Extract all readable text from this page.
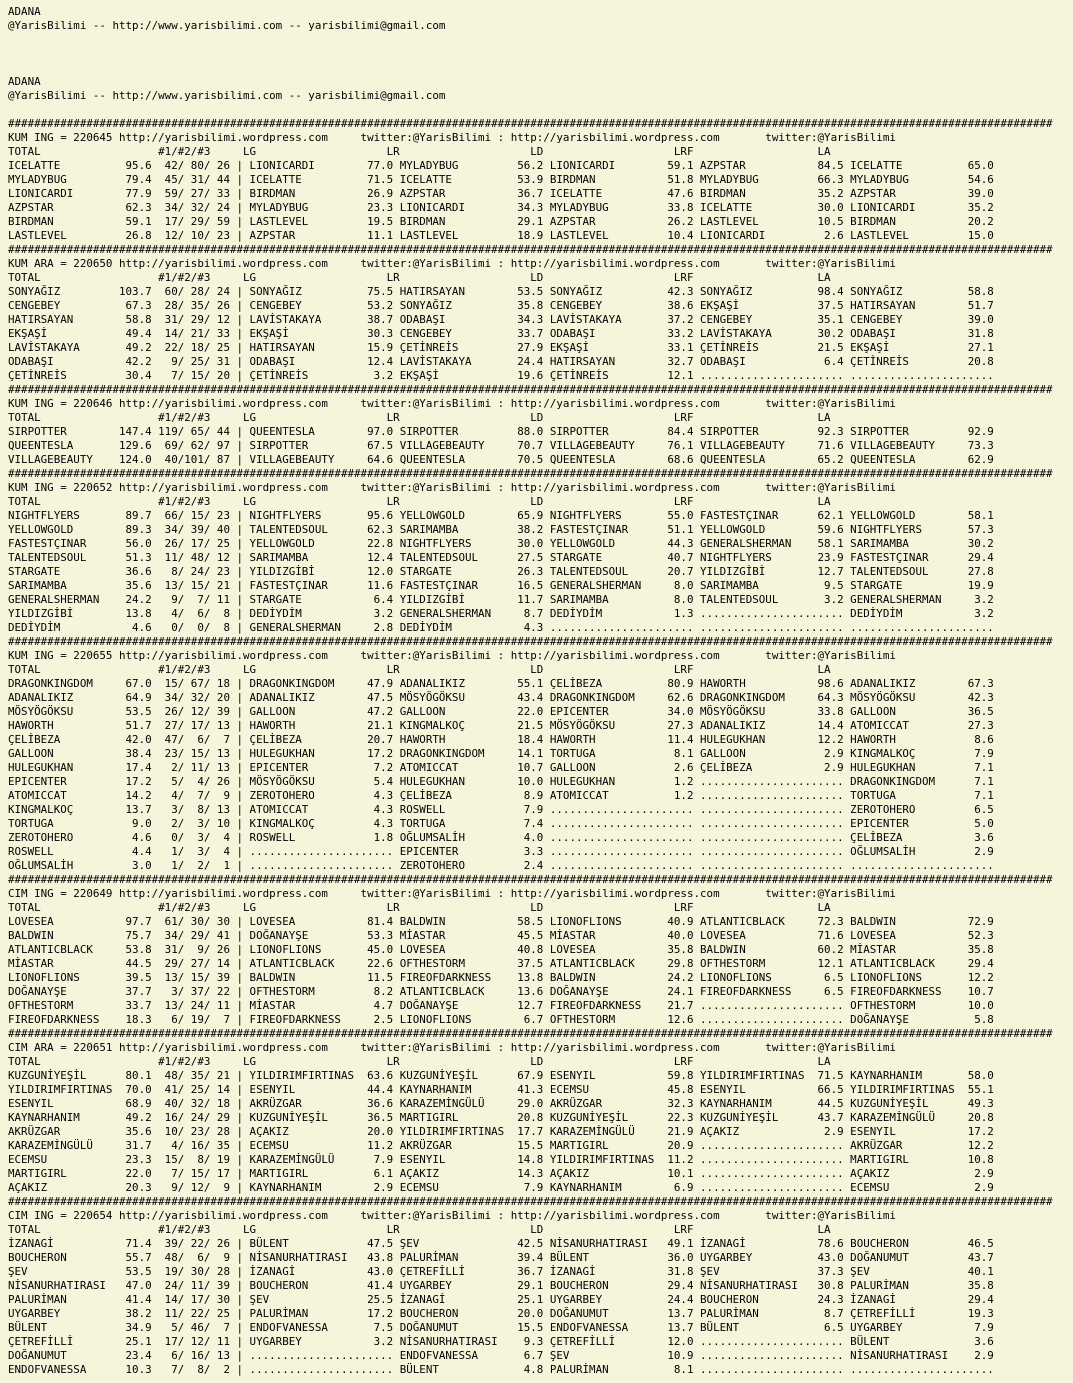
ADANA
@YarisBilimi -- http://www.yarisbilimi.com -- yarisbilimi@gmail.com
ADANA
@YarisBilimi -- http://www.yarisbilimi.com -- yarisbilimi@gmail.com
################################################################################################################################################################
KUM ING = 220645 http://yarisbilimi.wordpress.com     twitter:@YarisBilimi : http://yarisbilimi.wordpress.com       twitter:@YarisBilimi
TOTAL                  #1/#2/#3     LG                    LR                    LD                    LRF                   LA
ICELATTE          95.6  42/ 80/ 26 | LIONICARDI        77.0 MYLADYBUG         56.2 LIONICARDI        59.1 AZPSTAR           84.5 ICELATTE          65.0
MYLADYBUG         79.4  45/ 31/ 44 | ICELATTE          71.5 ICELATTE          53.9 BIRDMAN           51.8 MYLADYBUG         66.3 MYLADYBUG         54.6
LIONICARDI        77.9  59/ 27/ 33 | BIRDMAN           26.9 AZPSTAR           36.7 ICELATTE          47.6 BIRDMAN           35.2 AZPSTAR           39.0
AZPSTAR           62.3  34/ 32/ 24 | MYLADYBUG         23.3 LIONICARDI        34.3 MYLADYBUG         33.8 ICELATTE          30.0 LIONICARDI        35.2
BIRDMAN           59.1  17/ 29/ 59 | LASTLEVEL         19.5 BIRDMAN           29.1 AZPSTAR           26.2 LASTLEVEL         10.5 BIRDMAN           20.2
LASTLEVEL         26.8  12/ 10/ 23 | AZPSTAR           11.1 LASTLEVEL         18.9 LASTLEVEL         10.4 LIONICARDI         2.6 LASTLEVEL         15.0
################################################################################################################################################################
KUM ARA = 220650 http://yarisbilimi.wordpress.com     twitter:@YarisBilimi : http://yarisbilimi.wordpress.com       twitter:@YarisBilimi
TOTAL                  #1/#2/#3     LG                    LR                    LD                    LRF                   LA
SONYAĞIZ         103.7  60/ 28/ 24 | SONYAĞIZ          75.5 HATIRSAYAN        53.5 SONYAĞIZ          42.3 SONYAĞIZ          98.4 SONYAĞIZ          58.8
CENGEBEY          67.3  28/ 35/ 26 | CENGEBEY          53.2 SONYAĞIZ          35.8 CENGEBEY          38.6 EKŞAŞİ            37.5 HATIRSAYAN        51.7
HATIRSAYAN        58.8  31/ 29/ 12 | LAVİSTAKAYA       38.7 ODABAŞI           34.3 LAVİSTAKAYA       37.2 CENGEBEY          35.1 CENGEBEY          39.0
EKŞAŞİ            49.4  14/ 21/ 33 | EKŞAŞİ            30.3 CENGEBEY          33.7 ODABAŞI           33.2 LAVİSTAKAYA       30.2 ODABAŞI           31.8
LAVİSTAKAYA       49.2  22/ 18/ 25 | HATIRSAYAN        15.9 ÇETİNREİS         27.9 EKŞAŞİ            33.1 ÇETİNREİS         21.5 EKŞAŞİ            27.1
ODABAŞI           42.2   9/ 25/ 31 | ODABAŞI           12.4 LAVİSTAKAYA       24.4 HATIRSAYAN        32.7 ODABAŞI            6.4 ÇETİNREİS         20.8
ÇETİNREİS         30.4   7/ 15/ 20 | ÇETİNREİS          3.2 EKŞAŞİ            19.6 ÇETİNREİS         12.1 ...................... ......................
################################################################################################################################################################
KUM ING = 220646 http://yarisbilimi.wordpress.com     twitter:@YarisBilimi : http://yarisbilimi.wordpress.com       twitter:@YarisBilimi
TOTAL                  #1/#2/#3     LG                    LR                    LD                    LRF                   LA
SIRPOTTER        147.4 119/ 65/ 44 | QUEENTESLA        97.0 SIRPOTTER         88.0 SIRPOTTER         84.4 SIRPOTTER         92.3 SIRPOTTER         92.9
QUEENTESLA       129.6  69/ 62/ 97 | SIRPOTTER         67.5 VILLAGEBEAUTY     70.7 VILLAGEBEAUTY     76.1 VILLAGEBEAUTY     71.6 VILLAGEBEAUTY     73.3
VILLAGEBEAUTY    124.0  40/101/ 87 | VILLAGEBEAUTY     64.6 QUEENTESLA        70.5 QUEENTESLA        68.6 QUEENTESLA        65.2 QUEENTESLA        62.9
################################################################################################################################################################
KUM ING = 220652 http://yarisbilimi.wordpress.com     twitter:@YarisBilimi : http://yarisbilimi.wordpress.com       twitter:@YarisBilimi
TOTAL                  #1/#2/#3     LG                    LR                    LD                    LRF                   LA
NIGHTFLYERS       89.7  66/ 15/ 23 | NIGHTFLYERS       95.6 YELLOWGOLD        65.9 NIGHTFLYERS       55.0 FASTESTÇINAR      62.1 YELLOWGOLD        58.1
YELLOWGOLD        89.3  34/ 39/ 40 | TALENTEDSOUL      62.3 SARIMAMBA         38.2 FASTESTÇINAR      51.1 YELLOWGOLD        59.6 NIGHTFLYERS       57.3
FASTESTÇINAR      56.0  26/ 17/ 25 | YELLOWGOLD        22.8 NIGHTFLYERS       30.0 YELLOWGOLD        44.3 GENERALSHERMAN    58.1 SARIMAMBA         30.2
TALENTEDSOUL      51.3  11/ 48/ 12 | SARIMAMBA         12.4 TALENTEDSOUL      27.5 STARGATE          40.7 NIGHTFLYERS       23.9 FASTESTÇINAR      29.4
STARGATE          36.6   8/ 24/ 23 | YILDIZGİBİ        12.0 STARGATE          26.3 TALENTEDSOUL      20.7 YILDIZGİBİ        12.7 TALENTEDSOUL      27.8
SARIMAMBA         35.6  13/ 15/ 21 | FASTESTÇINAR      11.6 FASTESTÇINAR      16.5 GENERALSHERMAN     8.0 SARIMAMBA          9.5 STARGATE          19.9
GENERALSHERMAN    24.2   9/  7/ 11 | STARGATE           6.4 YILDIZGİBİ        11.7 SARIMAMBA          8.0 TALENTEDSOUL       3.2 GENERALSHERMAN     3.2
YILDIZGİBİ        13.8   4/  6/  8 | DEDİYDİM           3.2 GENERALSHERMAN     8.7 DEDİYDİM           1.3 ...................... DEDİYDİM           3.2
DEDİYDİM           4.6   0/  0/  8 | GENERALSHERMAN     2.8 DEDİYDİM           4.3 ...................... ...................... ......................
################################################################################################################################################################
KUM ING = 220655 http://yarisbilimi.wordpress.com     twitter:@YarisBilimi : http://yarisbilimi.wordpress.com       twitter:@YarisBilimi
TOTAL                  #1/#2/#3     LG                    LR                    LD                    LRF                   LA
DRAGONKINGDOM     67.0  15/ 67/ 18 | DRAGONKINGDOM     47.9 ADANALIKIZ        55.1 ÇELİBEZA          80.9 HAWORTH           98.6 ADANALIKIZ        67.3
ADANALIKIZ        64.9  34/ 32/ 20 | ADANALIKIZ        47.5 MÖSYÖGÖKSU        43.4 DRAGONKINGDOM     62.6 DRAGONKINGDOM     64.3 MÖSYÖGÖKSU        42.3
MÖSYÖGÖKSU        53.5  26/ 12/ 39 | GALLOON           47.2 GALLOON           22.0 EPICENTER         34.0 MÖSYÖGÖKSU        33.8 GALLOON           36.5
HAWORTH           51.7  27/ 17/ 13 | HAWORTH           21.1 KINGMALKOÇ        21.5 MÖSYÖGÖKSU        27.3 ADANALIKIZ        14.4 ATOMICCAT         27.3
ÇELİBEZA          42.0  47/  6/  7 | ÇELİBEZA          20.7 HAWORTH           18.4 HAWORTH           11.4 HULEGUKHAN        12.2 HAWORTH            8.6
GALLOON           38.4  23/ 15/ 13 | HULEGUKHAN        17.2 DRAGONKINGDOM     14.1 TORTUGA            8.1 GALLOON            2.9 KINGMALKOÇ         7.9
HULEGUKHAN        17.4   2/ 11/ 13 | EPICENTER          7.2 ATOMICCAT         10.7 GALLOON            2.6 ÇELİBEZA           2.9 HULEGUKHAN         7.1
EPICENTER         17.2   5/  4/ 26 | MÖSYÖGÖKSU         5.4 HULEGUKHAN        10.0 HULEGUKHAN         1.2 ...................... DRAGONKINGDOM      7.1
ATOMICCAT         14.2   4/  7/  9 | ZEROTOHERO         4.3 ÇELİBEZA           8.9 ATOMICCAT          1.2 ...................... TORTUGA            7.1
KINGMALKOÇ        13.7   3/  8/ 13 | ATOMICCAT          4.3 ROSWELL            7.9 ...................... ...................... ZEROTOHERO         6.5
TORTUGA            9.0   2/  3/ 10 | KINGMALKOÇ         4.3 TORTUGA            7.4 ...................... ...................... EPICENTER          5.0
ZEROTOHERO         4.6   0/  3/  4 | ROSWELL            1.8 OĞLUMSALİH         4.0 ...................... ...................... ÇELİBEZA           3.6
ROSWELL            4.4   1/  3/  4 | ...................... EPICENTER          3.3 ...................... ...................... OĞLUMSALİH         2.9
OĞLUMSALİH         3.0   1/  2/  1 | ...................... ZEROTOHERO         2.4 ...................... ...................... ......................
################################################################################################################################################################
CIM ING = 220649 http://yarisbilimi.wordpress.com     twitter:@YarisBilimi : http://yarisbilimi.wordpress.com       twitter:@YarisBilimi
TOTAL                  #1/#2/#3     LG                    LR                    LD                    LRF                   LA
LOVESEA           97.7  61/ 30/ 30 | LOVESEA           81.4 BALDWIN           58.5 LIONOFLIONS       40.9 ATLANTICBLACK     72.3 BALDWIN           72.9
BALDWIN           75.7  34/ 29/ 41 | DOĞANAYŞE         53.3 MİASTAR           45.5 MİASTAR           40.0 LOVESEA           71.6 LOVESEA           52.3
ATLANTICBLACK     53.8  31/  9/ 26 | LIONOFLIONS       45.0 LOVESEA           40.8 LOVESEA           35.8 BALDWIN           60.2 MİASTAR           35.8
MİASTAR           44.5  29/ 27/ 14 | ATLANTICBLACK     22.6 OFTHESTORM        37.5 ATLANTICBLACK     29.8 OFTHESTORM        12.1 ATLANTICBLACK     29.4
LIONOFLIONS       39.5  13/ 15/ 39 | BALDWIN           11.5 FIREOFDARKNESS    13.8 BALDWIN           24.2 LIONOFLIONS        6.5 LIONOFLIONS       12.2
DOĞANAYŞE         37.7   3/ 37/ 22 | OFTHESTORM         8.2 ATLANTICBLACK     13.6 DOĞANAYŞE         24.1 FIREOFDARKNESS     6.5 FIREOFDARKNESS    10.7
OFTHESTORM        33.7  13/ 24/ 11 | MİASTAR            4.7 DOĞANAYŞE         12.7 FIREOFDARKNESS    21.7 ...................... OFTHESTORM        10.0
FIREOFDARKNESS    18.3   6/ 19/  7 | FIREOFDARKNESS     2.5 LIONOFLIONS        6.7 OFTHESTORM        12.6 ...................... DOĞANAYŞE          5.8
################################################################################################################################################################
CIM ARA = 220651 http://yarisbilimi.wordpress.com     twitter:@YarisBilimi : http://yarisbilimi.wordpress.com       twitter:@YarisBilimi
TOTAL                  #1/#2/#3     LG                    LR                    LD                    LRF                   LA
KUZGUNİYEŞİL      80.1  48/ 35/ 21 | YILDIRIMFIRTINAS  63.6 KUZGUNİYEŞİL      67.9 ESENYIL           59.8 YILDIRIMFIRTINAS  71.5 KAYNARHANIM       58.0
YILDIRIMFIRTINAS  70.0  41/ 25/ 14 | ESENYIL           44.4 KAYNARHANIM       41.3 ECEMSU            45.8 ESENYIL           66.5 YILDIRIMFIRTINAS  55.1
ESENYIL           68.9  40/ 32/ 18 | AKRÜZGAR          36.6 KARAZEMİNGÜLÜ     29.0 AKRÜZGAR          32.3 KAYNARHANIM       44.5 KUZGUNİYEŞİL      49.3
KAYNARHANIM       49.2  16/ 24/ 29 | KUZGUNİYEŞİL      36.5 MARTIGIRL         20.8 KUZGUNİYEŞİL      22.3 KUZGUNİYEŞİL      43.7 KARAZEMİNGÜLÜ     20.8
AKRÜZGAR          35.6  10/ 23/ 28 | AÇAKIZ            20.0 YILDIRIMFIRTINAS  17.7 KARAZEMİNGÜLÜ     21.9 AÇAKIZ             2.9 ESENYIL           17.2
KARAZEMİNGÜLÜ     31.7   4/ 16/ 35 | ECEMSU            11.2 AKRÜZGAR          15.5 MARTIGIRL         20.9 ...................... AKRÜZGAR          12.2
ECEMSU            23.3  15/  8/ 19 | KARAZEMİNGÜLÜ      7.9 ESENYIL           14.8 YILDIRIMFIRTINAS  11.2 ...................... MARTIGIRL         10.8
MARTIGIRL         22.0   7/ 15/ 17 | MARTIGIRL          6.1 AÇAKIZ            14.3 AÇAKIZ            10.1 ...................... AÇAKIZ             2.9
AÇAKIZ            20.3   9/ 12/  9 | KAYNARHANIM        2.9 ECEMSU             7.9 KAYNARHANIM        6.9 ...................... ECEMSU             2.9
################################################################################################################################################################
CIM ING = 220654 http://yarisbilimi.wordpress.com     twitter:@YarisBilimi : http://yarisbilimi.wordpress.com       twitter:@YarisBilimi
TOTAL                  #1/#2/#3     LG                    LR                    LD                    LRF                   LA
İZANAGİ           71.4  39/ 22/ 26 | BÜLENT            47.5 ŞEV               42.5 NİSANURHATIRASI   49.1 İZANAGİ           78.6 BOUCHERON         46.5
BOUCHERON         55.7  48/  6/  9 | NİSANURHATIRASI   43.8 PALURİMAN         39.4 BÜLENT            36.0 UYGARBEY          43.0 DOĞANUMUT         43.7
ŞEV               53.5  19/ 30/ 28 | İZANAGİ           43.0 ÇETREFİLLİ        36.7 İZANAGİ           31.8 ŞEV               37.3 ŞEV               40.1
NİSANURHATIRASI   47.0  24/ 11/ 39 | BOUCHERON         41.4 UYGARBEY          29.1 BOUCHERON         29.4 NİSANURHATIRASI   30.8 PALURİMAN         35.8
PALURİMAN         41.4  14/ 17/ 30 | ŞEV               25.5 İZANAGİ           25.1 UYGARBEY          24.4 BOUCHERON         24.3 İZANAGİ           29.4
UYGARBEY          38.2  11/ 22/ 25 | PALURİMAN         17.2 BOUCHERON         20.0 DOĞANUMUT         13.7 PALURİMAN          8.7 ÇETREFİLLİ        19.3
BÜLENT            34.9   5/ 46/  7 | ENDOFVANESSA       7.5 DOĞANUMUT         15.5 ENDOFVANESSA      13.7 BÜLENT             6.5 UYGARBEY           7.9
ÇETREFİLLİ        25.1  17/ 12/ 11 | UYGARBEY           3.2 NİSANURHATIRASI    9.3 ÇETREFİLLİ        12.0 ...................... BÜLENT             3.6
DOĞANUMUT         23.4   6/ 16/ 13 | ...................... ENDOFVANESSA       6.7 ŞEV               10.9 ...................... NİSANURHATIRASI    2.9
ENDOFVANESSA      10.3   7/  8/  2 | ...................... BÜLENT             4.8 PALURİMAN          8.1 ...................... ......................
